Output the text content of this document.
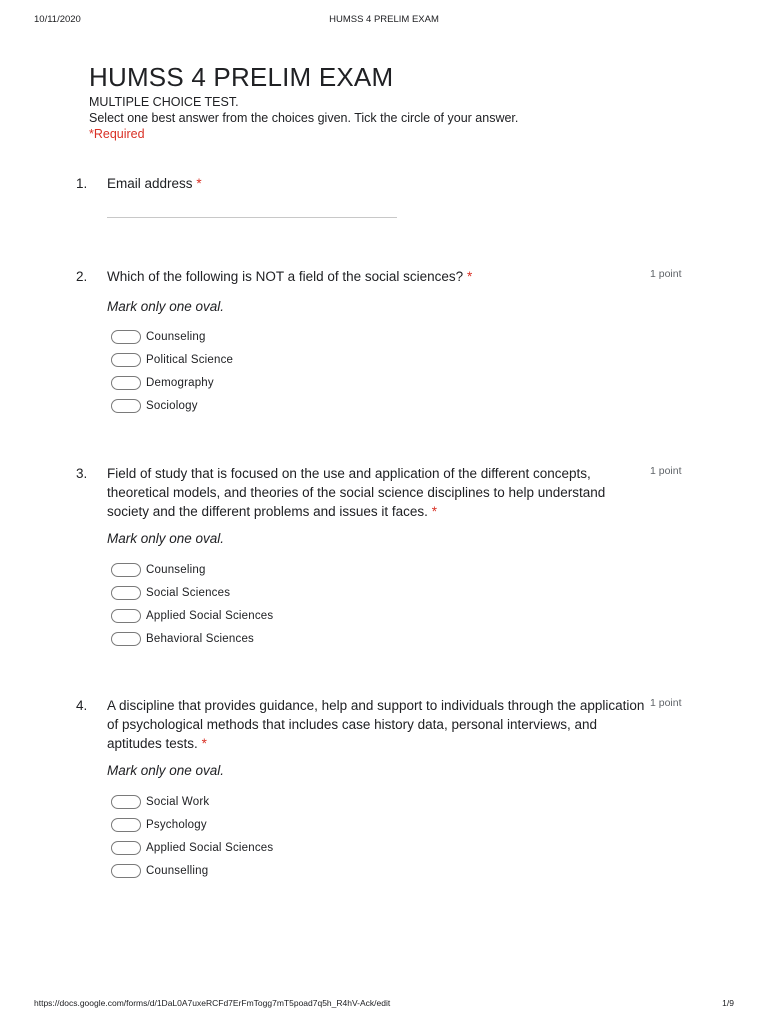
10/11/2020	HUMSS 4 PRELIM EXAM
HUMSS 4 PRELIM EXAM
MULTIPLE CHOICE TEST.
Select one best answer from the choices given. Tick the circle of your answer.
*Required
1. Email address *
2. Which of the following is NOT a field of the social sciences? *	1 point
Mark only one oval.
Counseling
Political Science
Demography
Sociology
3. Field of study that is focused on the use and application of the different concepts, theoretical models, and theories of the social science disciplines to help understand society and the different problems and issues it faces. *
1 point
Mark only one oval.
Counseling
Social Sciences
Applied Social Sciences
Behavioral Sciences
4. A discipline that provides guidance, help and support to individuals through the application of psychological methods that includes case history data, personal interviews, and aptitudes tests. *
1 point
Mark only one oval.
Social Work
Psychology
Applied Social Sciences
Counselling
https://docs.google.com/forms/d/1DaL0A7uxeRCFd7ErFmTogg7mT5poad7q5h_R4hV-Ack/edit	1/9
